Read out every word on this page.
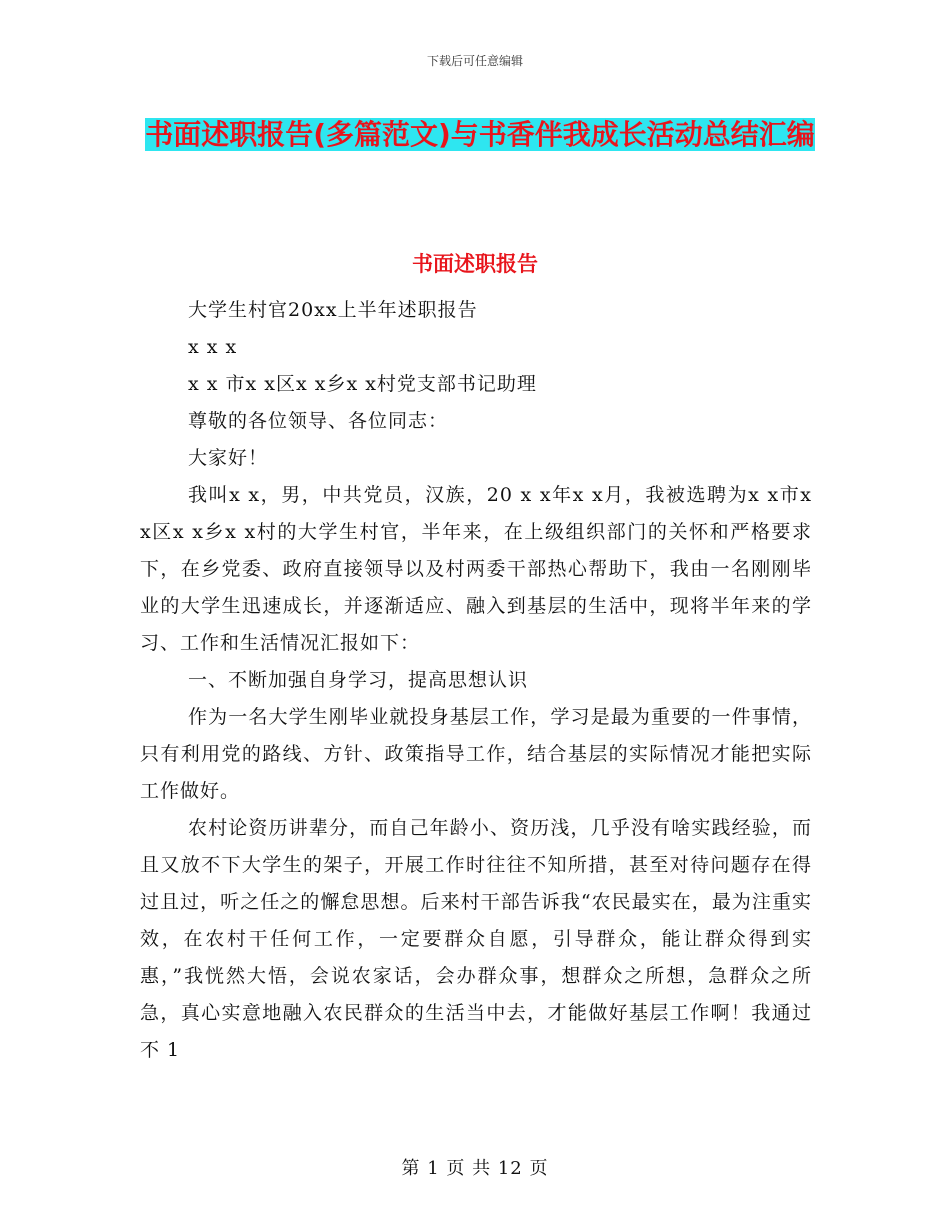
下载后可任意编辑
书面述职报告(多篇范文)与书香伴我成长活动总结汇编
书面述职报告

大学生村官20xx上半年述职报告

x x x

x x 市x x区x x乡x x村党支部书记助理

尊敬的各位领导、各位同志：

大家好！

我叫x x，男，中共党员，汉族，20 x x年x x月，我被选聘为x x市x x区x x乡x x村的大学生村官，半年来，在上级组织部门的关怀和严格要求下，在乡党委、政府直接领导以及村两委干部热心帮助下，我由一名刚刚毕业的大学生迅速成长，并逐渐适应、融入到基层的生活中，现将半年来的学习、工作和生活情况汇报如下：

一、不断加强自身学习，提高思想认识

作为一名大学生刚毕业就投身基层工作，学习是最为重要的一件事情，只有利用党的路线、方针、政策指导工作，结合基层的实际情况才能把实际工作做好。

农村论资历讲辈分，而自己年龄小、资历浅，几乎没有啥实践经验，而且又放不下大学生的架子，开展工作时往往不知所措，甚至对待问题存在得过且过，听之任之的懈怠思想。后来村干部告诉我“农民最实在，最为注重实效，在农村干任何工作，一定要群众自愿，引导群众，能让群众得到实惠，”我恍然大悟，会说农家话，会办群众事，想群众之所想，急群众之所急，真心实意地融入农民群众的生活当中去，才能做好基层工作啊！我通过不 1

第 1 页 共 12 页
